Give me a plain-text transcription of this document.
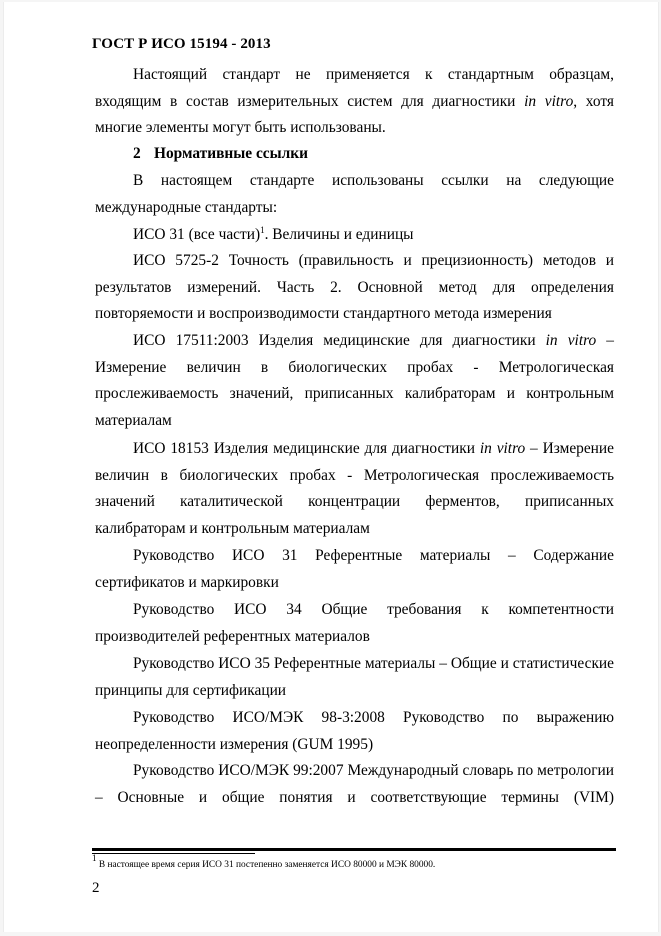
ГОСТ Р ИСО 15194 - 2013

Настоящий стандарт не применяется к стандартным образцам, входящим в состав измерительных систем для диагностики in vitro, хотя многие элементы могут быть использованы.

2 Нормативные ссылки

В настоящем стандарте использованы ссылки на следующие международные стандарты:

ИСО 31 (все части)$^1$. Величины и единицы

ИСО 5725-2 Точность (правильность и прецизионность) методов и результатов измерений. Часть 2. Основной метод для определения повторяемости и воспроизводимости стандартного метода измерения

ИСО 17511:2003 Изделия медицинские для диагностики in vitro – Измерение величин в биологических пробах - Метрологическая прослеживаемость значений, приписанных калибраторам и контрольным материалам

ИСО 18153 Изделия медицинские для диагностики in vitro – Измерение величин в биологических пробах - Метрологическая прослеживаемость значений каталитической концентрации ферментов, приписанных калибраторам и контрольным материалам

Руководство ИСО 31 Референтные материалы – Содержание сертификатов и маркировки

Руководство ИСО 34 Общие требования к компетентности производителей референтных материалов

Руководство ИСО 35 Референтные материалы – Общие и статистические принципы для сертификации

Руководство ИСО/МЭК 98-3:2008 Руководство по выражению неопределенности измерения (GUM 1995)

Руководство ИСО/МЭК 99:2007 Международный словарь по метрологии – Основные и общие понятия и соответствующие термины (VIM)

$^1$ В настоящее время серия ИСО 31 постепенно заменяется ИСО 80000 и МЭК 80000.
2
